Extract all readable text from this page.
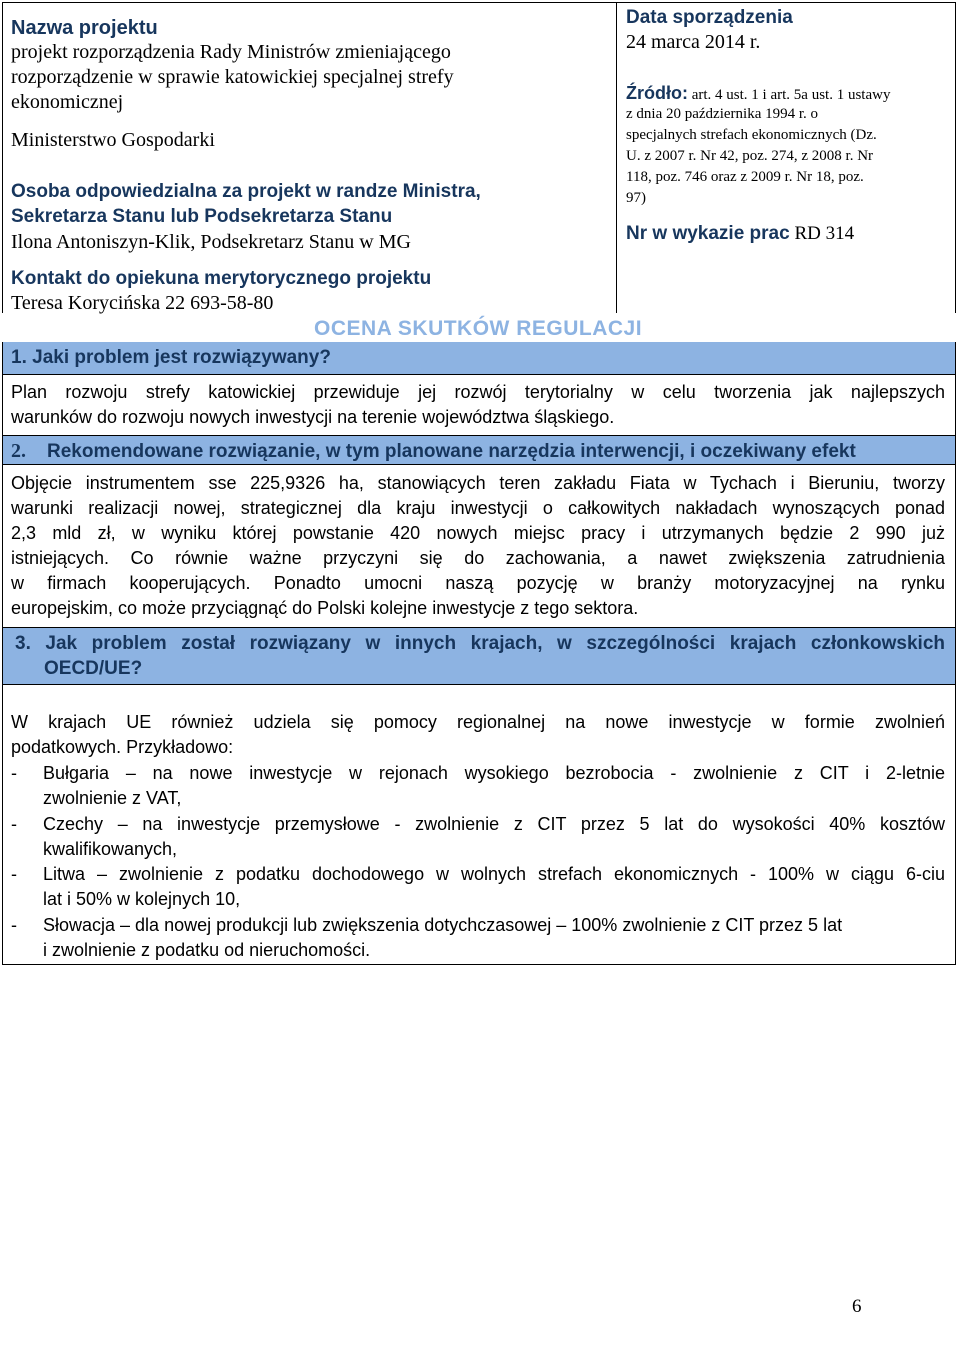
Nazwa projektu
projekt rozporządzenia Rady Ministrów zmieniającego
rozporządzenie w sprawie katowickiej specjalnej strefy
ekonomicznej
Ministerstwo Gospodarki
Osoba odpowiedzialna za projekt w randze Ministra,
Sekretarza Stanu lub Podsekretarza Stanu
Ilona Antoniszyn-Klik, Podsekretarz Stanu w MG
Kontakt do opiekuna merytorycznego projektu
Teresa Korycińska 22 693-58-80
Data sporządzenia
24 marca 2014 r.
Źródło: art. 4 ust. 1 i art. 5a ust. 1 ustawy
z dnia 20 października 1994 r. o
specjalnych strefach ekonomicznych (Dz.
U. z 2007 r. Nr 42, poz. 274, z 2008 r. Nr
118, poz. 746 oraz z 2009 r. Nr 18, poz.
97)
Nr w wykazie prac RD 314
OCENA SKUTKÓW REGULACJI
1. Jaki problem jest rozwiązywany?
Plan rozwoju strefy katowickiej przewiduje jej rozwój terytorialny w celu tworzenia jak najlepszych
warunków do rozwoju nowych inwestycji na terenie województwa śląskiego.
2. Rekomendowane rozwiązanie, w tym planowane narzędzia interwencji, i oczekiwany efekt
Objęcie instrumentem sse 225,9326 ha, stanowiących teren zakładu Fiata w Tychach i Bieruniu, tworzy
warunki realizacji nowej, strategicznej dla kraju inwestycji o całkowitych nakładach wynoszących ponad
2,3 mld zł, w wyniku której powstanie 420 nowych miejsc pracy i utrzymanych będzie 2 990 już
istniejących. Co równie ważne przyczyni się do zachowania, a nawet zwiększenia zatrudnienia
w firmach kooperujących. Ponadto umocni naszą pozycję w branży motoryzacyjnej na rynku
europejskim, co może przyciągnąć do Polski kolejne inwestycje z tego sektora.
3. Jak problem został rozwiązany w innych krajach, w szczególności krajach członkowskich
OECD/UE?
W krajach UE również udziela się pomocy regionalnej na nowe inwestycje w formie zwolnień
podatkowych. Przykładowo:
- Bułgaria – na nowe inwestycje w rejonach wysokiego bezrobocia - zwolnienie z CIT i 2-letnie
zwolnienie z VAT,
- Czechy – na inwestycje przemysłowe - zwolnienie z CIT przez 5 lat do wysokości 40% kosztów
kwalifikowanych,
- Litwa – zwolnienie z podatku dochodowego w wolnych strefach ekonomicznych - 100% w ciągu 6-ciu
lat i 50% w kolejnych 10,
- Słowacja – dla nowej produkcji lub zwiększenia dotychczasowej – 100% zwolnienie z CIT przez 5 lat
i zwolnienie z podatku od nieruchomości.
6
